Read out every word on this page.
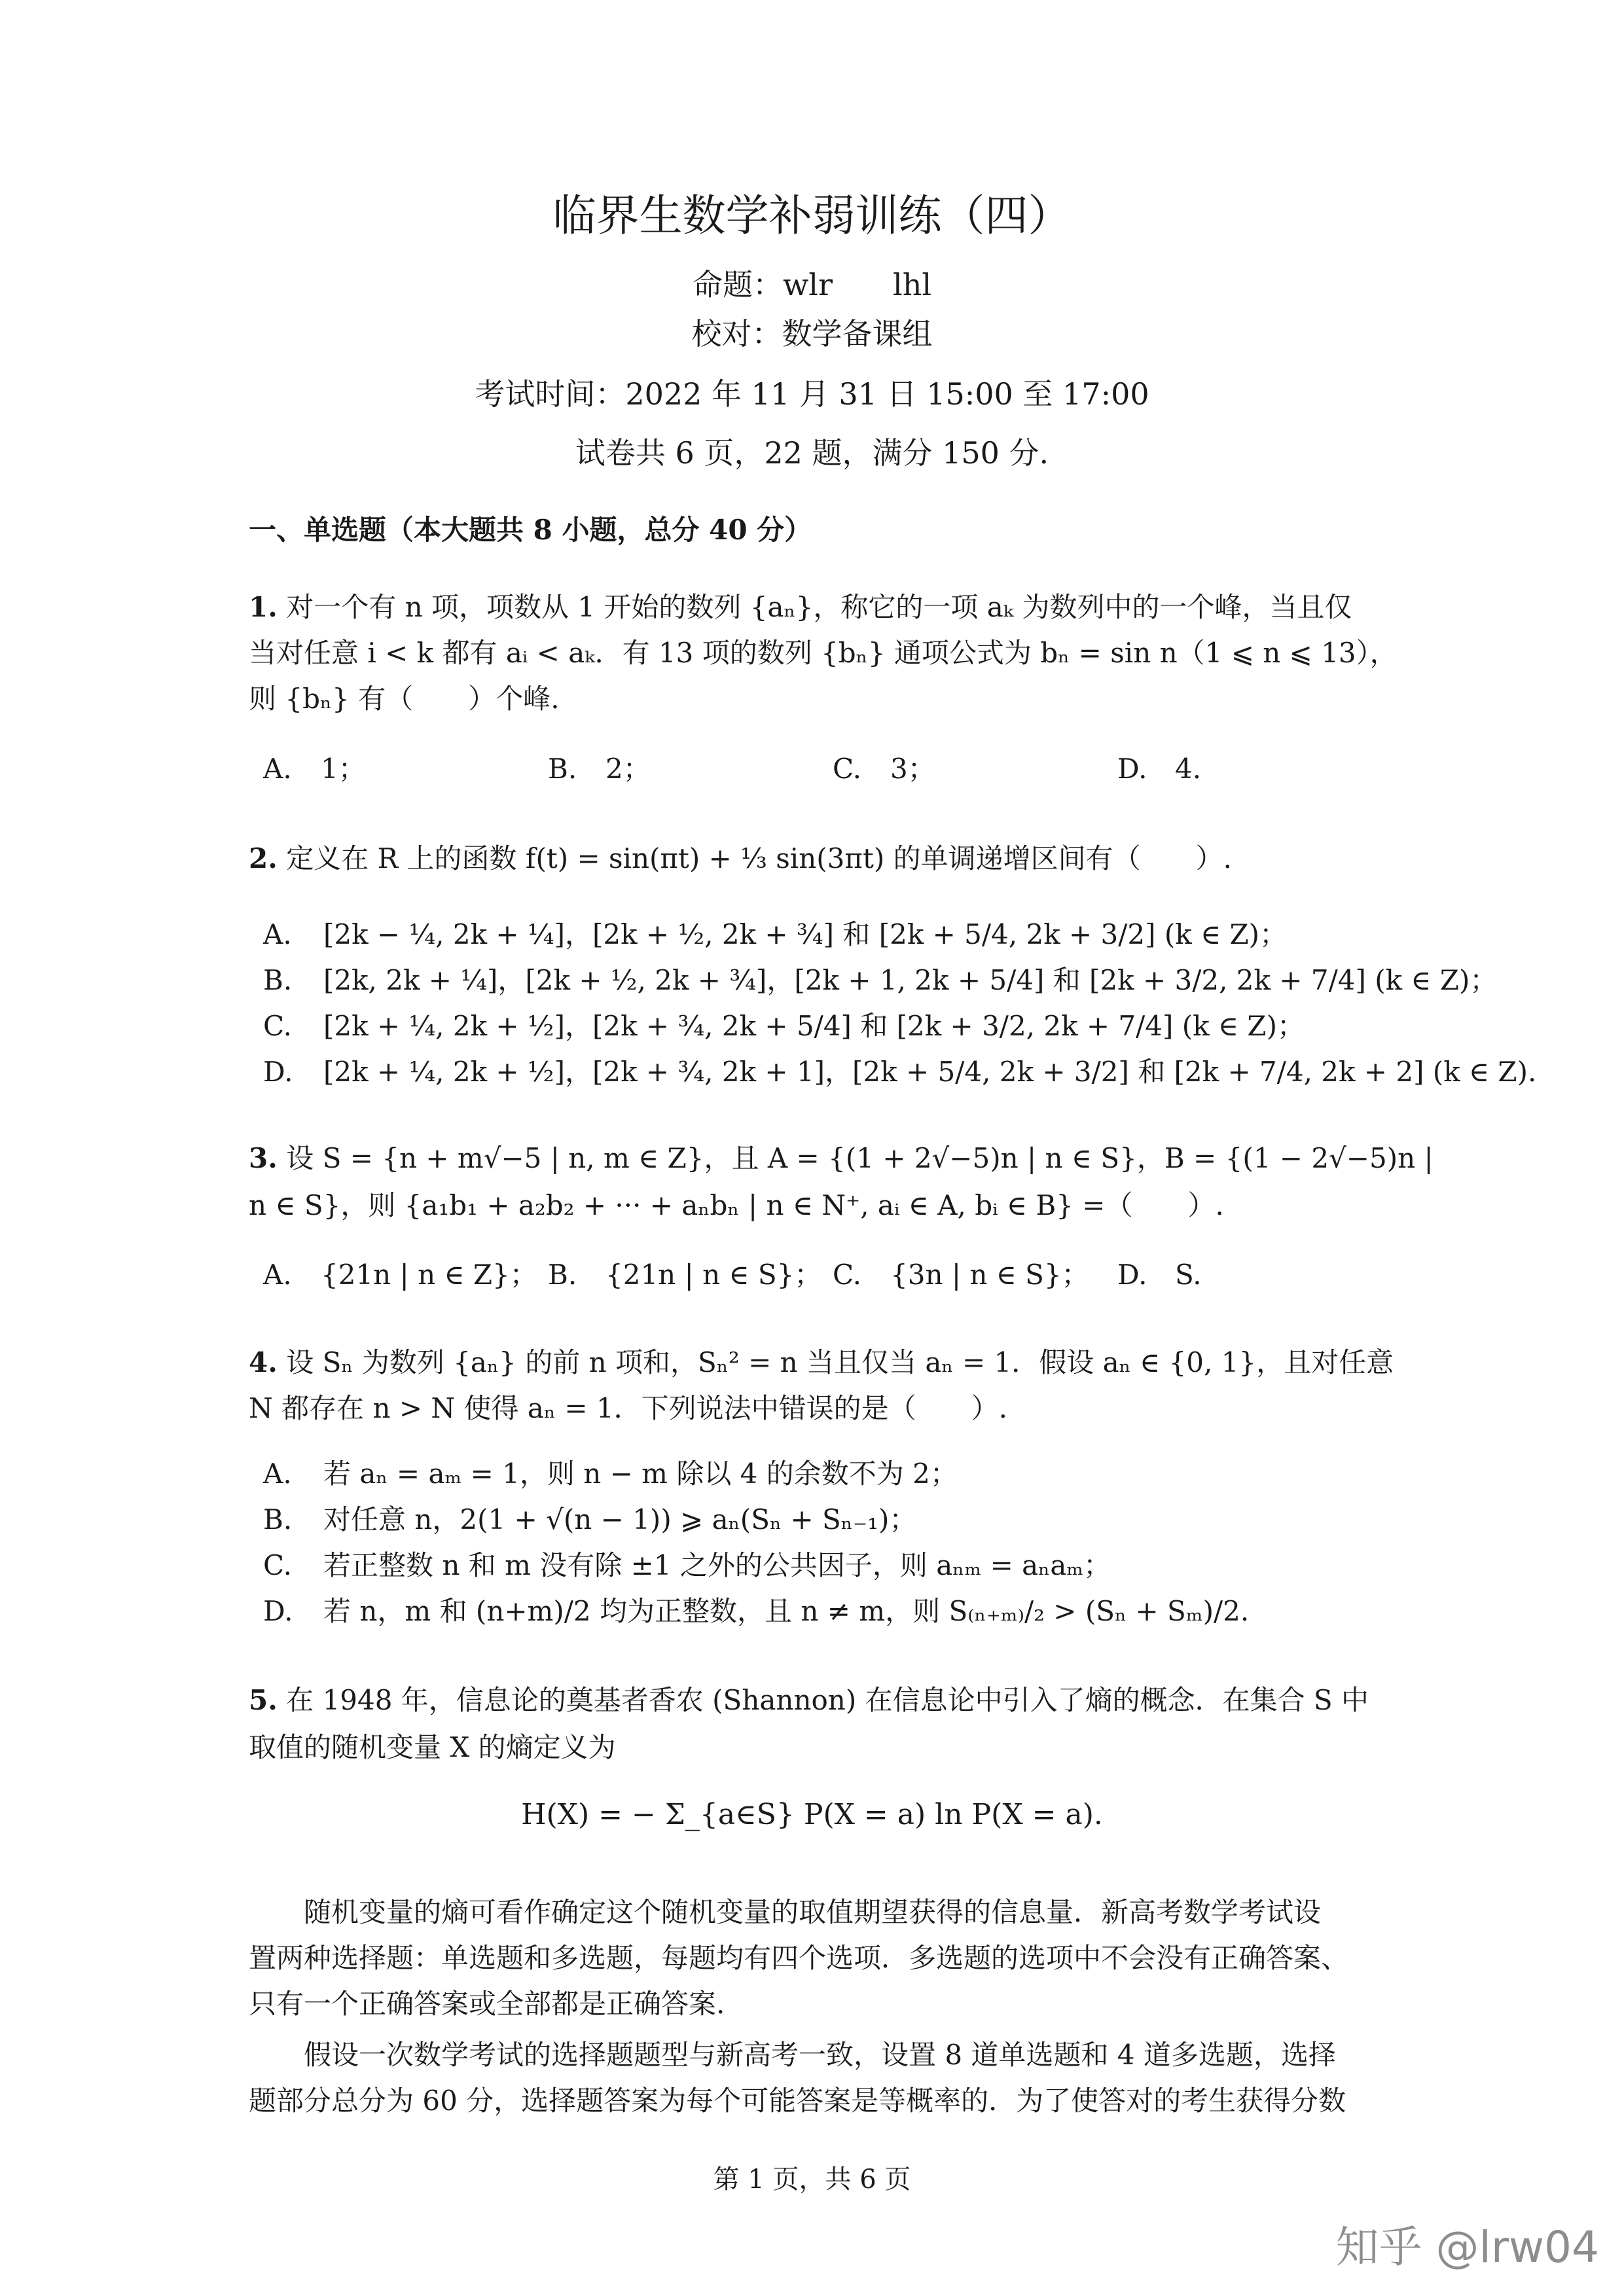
临界生数学补弱训练（四）
命题：wlr　　lhl
校对：数学备课组
考试时间：2022 年 11 月 31 日 15:00 至 17:00
试卷共 6 页，22 题，满分 150 分.
一、单选题（本大题共 8 小题，总分 40 分）
1. 对一个有 n 项，项数从 1 开始的数列 {aₙ}，称它的一项 aₖ 为数列中的一个峰，当且仅
当对任意 i < k 都有 aᵢ < aₖ．有 13 项的数列 {bₙ} 通项公式为 bₙ = sin n（1 ⩽ n ⩽ 13），
则 {bₙ} 有（　　）个峰.
A. 1；	B. 2；	C. 3；	D. 4.
2. 定义在 R 上的函数 f(t) = sin(πt) + ⅓ sin(3πt) 的单调递增区间有（　　）.
A. [2k − ¼, 2k + ¼]，[2k + ½, 2k + ¾] 和 [2k + 5/4, 2k + 3/2] (k ∈ Z)；
B. [2k, 2k + ¼]，[2k + ½, 2k + ¾]，[2k + 1, 2k + 5/4] 和 [2k + 3/2, 2k + 7/4] (k ∈ Z)；
C. [2k + ¼, 2k + ½]，[2k + ¾, 2k + 5/4] 和 [2k + 3/2, 2k + 7/4] (k ∈ Z)；
D. [2k + ¼, 2k + ½]，[2k + ¾, 2k + 1]，[2k + 5/4, 2k + 3/2] 和 [2k + 7/4, 2k + 2] (k ∈ Z).
3. 设 S = {n + m√−5 | n, m ∈ Z}，且 A = {(1 + 2√−5)n | n ∈ S}，B = {(1 − 2√−5)n |
n ∈ S}，则 {a₁b₁ + a₂b₂ + ··· + aₙbₙ | n ∈ N⁺, aᵢ ∈ A, bᵢ ∈ B} =（　　）.
A. {21n | n ∈ Z}； B. {21n | n ∈ S}； C. {3n | n ∈ S}； D. S.
4. 设 Sₙ 为数列 {aₙ} 的前 n 项和，Sₙ² = n 当且仅当 aₙ = 1．假设 aₙ ∈ {0, 1}，且对任意
N 都存在 n > N 使得 aₙ = 1．下列说法中错误的是（　　）.
A. 若 aₙ = aₘ = 1，则 n − m 除以 4 的余数不为 2；
B. 对任意 n，2(1 + √(n − 1)) ⩾ aₙ(Sₙ + Sₙ₋₁)；
C. 若正整数 n 和 m 没有除 ±1 之外的公共因子，则 aₙₘ = aₙaₘ；
D. 若 n，m 和 (n+m)/2 均为正整数，且 n ≠ m，则 S₍ₙ₊ₘ₎/₂ > (Sₙ + Sₘ)/2.
5. 在 1948 年，信息论的奠基者香农 (Shannon) 在信息论中引入了熵的概念．在集合 S 中
取值的随机变量 X 的熵定义为
H(X) = − Σ_{a∈S} P(X = a) ln P(X = a).
随机变量的熵可看作确定这个随机变量的取值期望获得的信息量．新高考数学考试设
置两种选择题：单选题和多选题，每题均有四个选项．多选题的选项中不会没有正确答案、
只有一个正确答案或全部都是正确答案.
假设一次数学考试的选择题题型与新高考一致，设置 8 道单选题和 4 道多选题，选择
题部分总分为 60 分，选择题答案为每个可能答案是等概率的．为了使答对的考生获得分数
第 1 页，共 6 页
知乎 @lrw04
